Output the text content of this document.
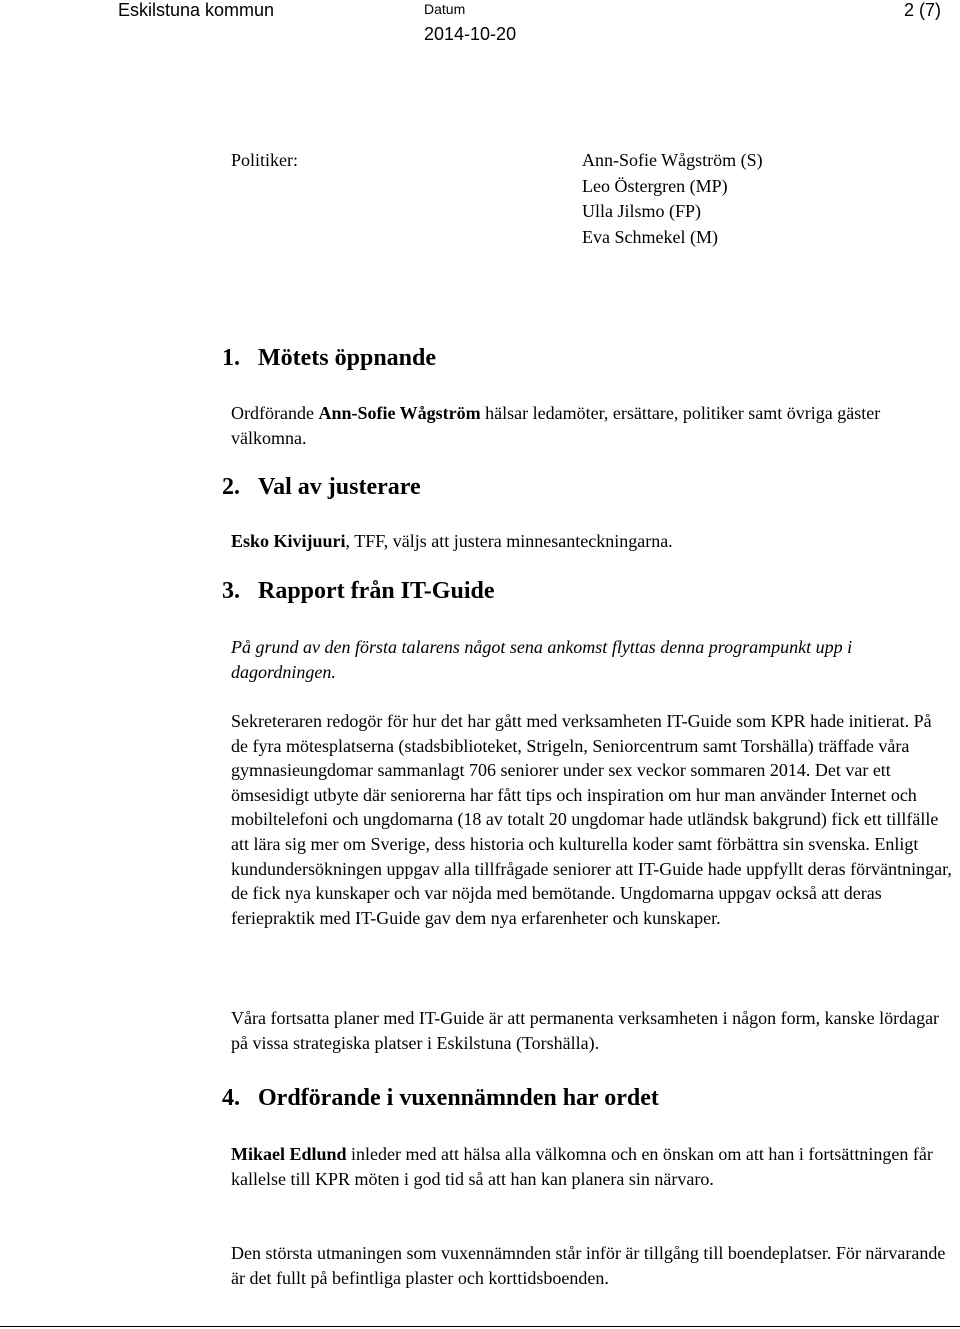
Eskilstuna kommun	Datum
2014-10-20
2 (7)
Politiker:	Ann-Sofie Wågström (S)
Leo Östergren (MP)
Ulla Jilsmo (FP)
Eva Schmekel (M)
1. Mötets öppnande
Ordförande Ann-Sofie Wågström hälsar ledamöter, ersättare, politiker samt övriga gäster välkomna.
2. Val av justerare
Esko Kivijuuri, TFF, väljs att justera minnesanteckningarna.
3. Rapport från IT-Guide
På grund av den första talarens något sena ankomst flyttas denna programpunkt upp i dagordningen.
Sekreteraren redogör för hur det har gått med verksamheten IT-Guide som KPR hade initierat. På de fyra mötesplatserna (stadsbiblioteket, Strigeln, Seniorcentrum samt Torshälla) träffade våra gymnasieungdomar sammanlagt 706 seniorer under sex veckor sommaren 2014. Det var ett ömsesidigt utbyte där seniorerna har fått tips och inspiration om hur man använder Internet och mobiltelefoni och ungdomarna (18 av totalt 20 ungdomar hade utländsk bakgrund) fick ett tillfälle att lära sig mer om Sverige, dess historia och kulturella koder samt förbättra sin svenska. Enligt kundundersökningen uppgav alla tillfrågade seniorer att IT-Guide hade uppfyllt deras förväntningar, de fick nya kunskaper och var nöjda med bemötande. Ungdomarna uppgav också att deras feriepraktik med IT-Guide gav dem nya erfarenheter och kunskaper.
Våra fortsatta planer med IT-Guide är att permanenta verksamheten i någon form, kanske lördagar på vissa strategiska platser i Eskilstuna (Torshälla).
4. Ordförande i vuxennämnden har ordet
Mikael Edlund inleder med att hälsa alla välkomna och en önskan om att han i fortsättningen får kallelse till KPR möten i god tid så att han kan planera sin närvaro.
Den största utmaningen som vuxennämnden står inför är tillgång till boendeplatser. För närvarande är det fullt på befintliga plaster och korttidsboenden.
